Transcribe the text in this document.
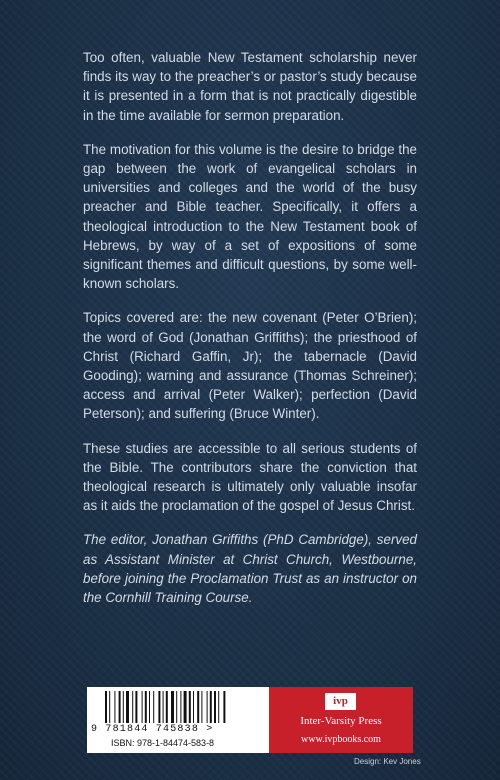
Too often, valuable New Testament scholarship never finds its way to the preacher’s or pastor’s study because it is presented in a form that is not practically digestible in the time available for sermon preparation.

The motivation for this volume is the desire to bridge the gap between the work of evangelical scholars in universities and colleges and the world of the busy preacher and Bible teacher. Specifically, it offers a theological introduction to the New Testament book of Hebrews, by way of a set of expositions of some significant themes and difficult questions, by some well-known scholars.

Topics covered are: the new covenant (Peter O’Brien); the word of God (Jonathan Griffiths); the priesthood of Christ (Richard Gaffin, Jr); the tabernacle (David Gooding); warning and assurance (Thomas Schreiner); access and arrival (Peter Walker); perfection (David Peterson); and suffering (Bruce Winter).

These studies are accessible to all serious students of the Bible. The contributors share the conviction that theological research is ultimately only valuable insofar as it aids the proclamation of the gospel of Jesus Christ.

The editor, Jonathan Griffiths (PhD Cambridge), served as Assistant Minister at Christ Church, Westbourne, before joining the Proclamation Trust as an instructor on the Cornhill Training Course.

9 781844 745838 >
ISBN: 978-1-84474-583-8
ivp
Inter-Varsity Press
www.ivpbooks.com
Design: Kev Jones
